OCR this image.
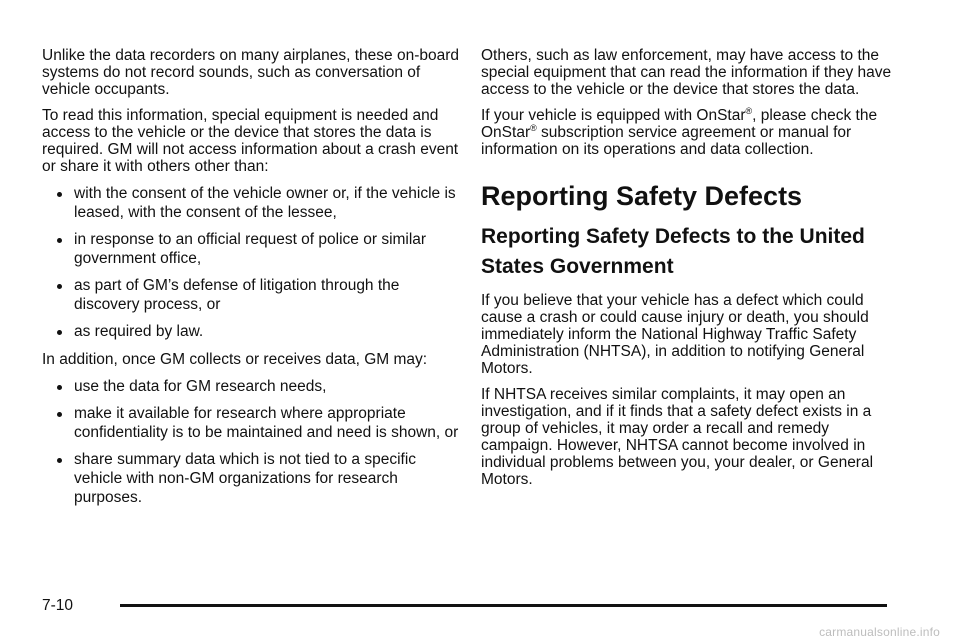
Unlike the data recorders on many airplanes, these on-board systems do not record sounds, such as conversation of vehicle occupants.

To read this information, special equipment is needed and access to the vehicle or the device that stores the data is required. GM will not access information about a crash event or share it with others other than:

with the consent of the vehicle owner or, if the vehicle is leased, with the consent of the lessee,
in response to an official request of police or similar government office,
as part of GM’s defense of litigation through the discovery process, or
as required by law.

In addition, once GM collects or receives data, GM may:

use the data for GM research needs,
make it available for research where appropriate confidentiality is to be maintained and need is shown, or
share summary data which is not tied to a specific vehicle with non-GM organizations for research purposes.

Others, such as law enforcement, may have access to the special equipment that can read the information if they have access to the vehicle or the device that stores the data.

If your vehicle is equipped with OnStar®, please check the OnStar® subscription service agreement or manual for information on its operations and data collection.

Reporting Safety Defects
Reporting Safety Defects to the United States Government

If you believe that your vehicle has a defect which could cause a crash or could cause injury or death, you should immediately inform the National Highway Traffic Safety Administration (NHTSA), in addition to notifying General Motors.

If NHTSA receives similar complaints, it may open an investigation, and if it finds that a safety defect exists in a group of vehicles, it may order a recall and remedy campaign. However, NHTSA cannot become involved in individual problems between you, your dealer, or General Motors.

7-10
carmanualsonline.info
